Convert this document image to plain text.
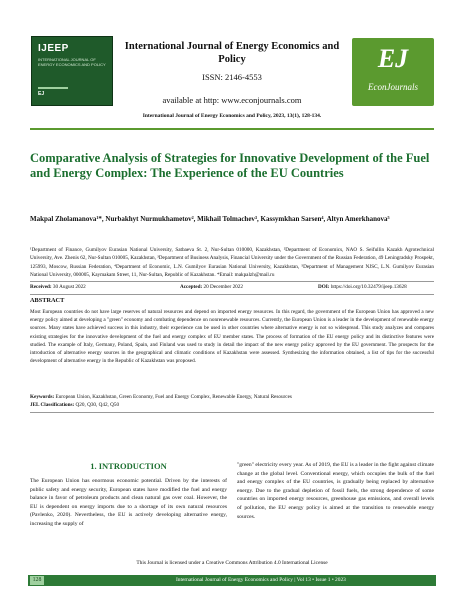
IJEEP
INTERNATIONAL JOURNAL OF ENERGY ECONOMICS AND POLICY
EJ
International Journal of Energy Economics and Policy
ISSN: 2146-4553
available at http: www.econjournals.com
International Journal of Energy Economics and Policy, 2023, 13(1), 128-134.
EJ
EconJournals
Comparative Analysis of Strategies for Innovative Development of the Fuel and Energy Complex: The Experience of the EU Countries
Makpal Zholamanova¹*, Nurbakhyt Nurmukhametov², Mikhail Tolmachev³, Kassymkhan Sarsen⁴, Altyn Amerkhanova⁵
¹Department of Finance, Gumilyov Eurasian National University, Satbaeva St. 2, Nur-Sultan 010000, Kazakhstan, ²Department of Economics, NAO S. Seifullin Kazakh Agrotechnical University, Ave. Zhenis 62, Nur-Sultan 010005, Kazakhstan, ³Department of Business Analysis, Financial University under the Government of the Russian Federation, 49 Leningradsky Prospekt, 125993, Moscow, Russian Federation, ⁴Department of Economic, L.N. Gumilyov Eurasian National University, Kazakhstan, ⁵Department of Management NJSC, L.N. Gumilyov Eurasian National University, 000005, Kaymakam Street, 11, Nur-Sultan, Republic of Kazakhstan. *Email: makpalzh@mail.ru
Received: 30 August 2022	Accepted: 20 December 2022	DOI: https://doi.org/10.32479/ijeep.13628
ABSTRACT
Most European countries do not have large reserves of natural resources and depend on imported energy resources. In this regard, the government of the European Union has approved a new energy policy aimed at developing a "green" economy and combating dependence on nonrenewable resources. Currently, the European Union is a leader in the development of renewable energy sources. Many states have achieved success in this industry, their experience can be used in other countries where alternative energy is not so widespread. This study analyzes and compares existing strategies for the innovative development of the fuel and energy complex of EU member states. The process of formation of the EU energy policy and its distinctive features were studied. The example of Italy, Germany, Poland, Spain, and Finland was used to study in detail the impact of the new energy policy approved by the EU government. The prospects for the introduction of alternative energy sources in the geographical and climatic conditions of Kazakhstan were assessed. Synthesizing the information obtained, a list of tips for the successful development of alternative energy in the Republic of Kazakhstan was proposed.
Keywords: European Union, Kazakhstan, Green Economy, Fuel and Energy Complex, Renewable Energy, Natural Resources
JEL Classifications: Q20, Q30, Q42, Q50
1. INTRODUCTION
The European Union has enormous economic potential. Driven by the interests of public safety and energy security, European states have modified the fuel and energy balance in favor of petroleum products and clean natural gas over coal. However, the EU is dependent on energy imports due to a shortage of its own natural resources (Pavlenko, 2020). Nevertheless, the EU is actively developing alternative energy, increasing the supply of
"green" electricity every year. As of 2019, the EU is a leader in the fight against climate change at the global level. Conventional energy, which occupies the bulk of the fuel and energy complex of the EU countries, is gradually being replaced by alternative energy. Due to the gradual depletion of fossil fuels, the strong dependence of some countries on imported energy resources, greenhouse gas emissions, and overall levels of pollution, the EU energy policy is aimed at the transition to renewable energy sources.
This Journal is licensed under a Creative Commons Attribution 4.0 International License
128	International Journal of Energy Economics and Policy | Vol 13 • Issue 1 • 2023
